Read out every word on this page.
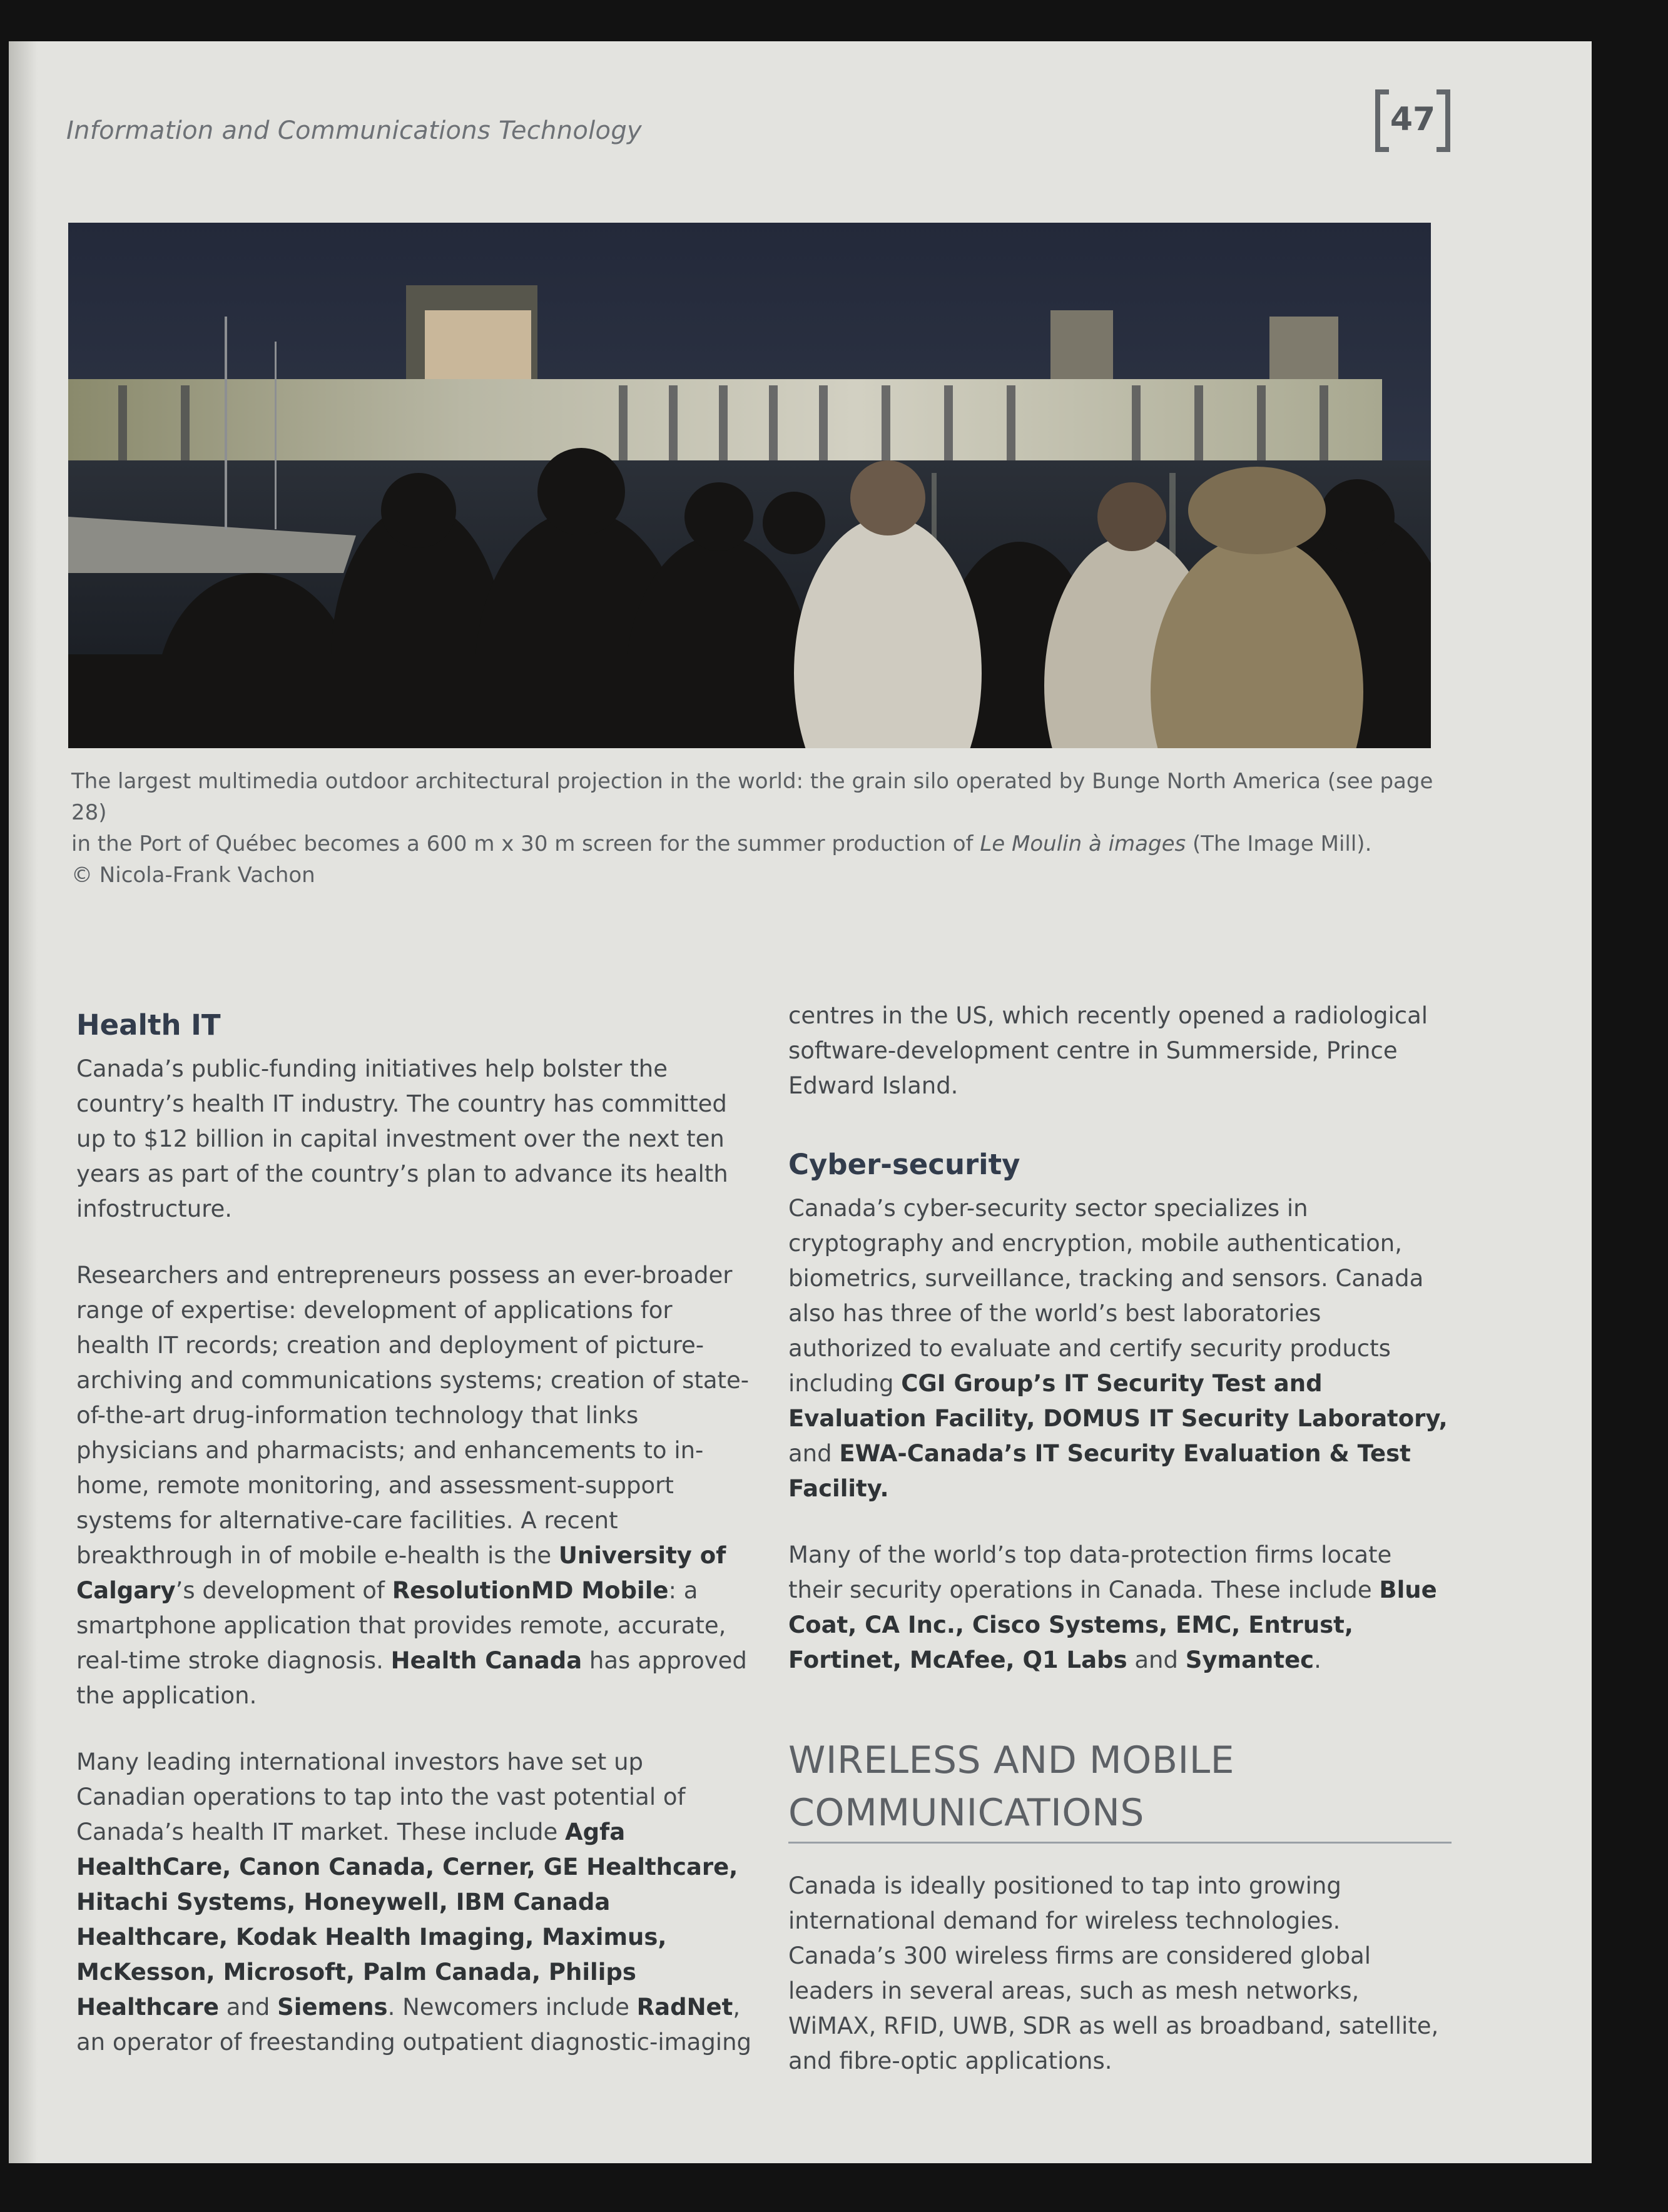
Information and Communications Technology	47
The largest multimedia outdoor architectural projection in the world: the grain silo operated by Bunge North America (see page 28)
in the Port of Québec becomes a 600 m x 30 m screen for the summer production of Le Moulin à images (The Image Mill).
© Nicola-Frank Vachon
Health IT

Canada’s public-funding initiatives help bolster the country’s health IT industry. The country has committed up to $12 billion in capital investment over the next ten years as part of the country’s plan to advance its health infostructure.

Researchers and entrepreneurs possess an ever-broader range of expertise: development of applications for health IT records; creation and deployment of picture-archiving and communications systems; creation of state-of-the-art drug-information technology that links physicians and pharmacists; and enhancements to in-home, remote monitoring, and assessment-support systems for alternative-care facilities. A recent breakthrough in of mobile e-health is the University of Calgary’s development of ResolutionMD Mobile: a smartphone application that provides remote, accurate, real-time stroke diagnosis. Health Canada has approved the application.

Many leading international investors have set up Canadian operations to tap into the vast potential of Canada’s health IT market. These include Agfa HealthCare, Canon Canada, Cerner, GE Healthcare, Hitachi Systems, Honeywell, IBM Canada Healthcare, Kodak Health Imaging, Maximus, McKesson, Microsoft, Palm Canada, Philips Healthcare and Siemens. Newcomers include RadNet, an operator of freestanding outpatient diagnostic-imaging

centres in the US, which recently opened a radiological software-development centre in Summerside, Prince Edward Island.

Cyber-security

Canada’s cyber-security sector specializes in cryptography and encryption, mobile authentication, biometrics, surveillance, tracking and sensors. Canada also has three of the world’s best laboratories authorized to evaluate and certify security products including CGI Group’s IT Security Test and Evaluation Facility, DOMUS IT Security Laboratory, and EWA-Canada’s IT Security Evaluation & Test Facility.

Many of the world’s top data-protection firms locate their security operations in Canada. These include Blue Coat, CA Inc., Cisco Systems, EMC, Entrust, Fortinet, McAfee, Q1 Labs and Symantec.

WIRELESS AND MOBILE
COMMUNICATIONS

Canada is ideally positioned to tap into growing international demand for wireless technologies. Canada’s 300 wireless firms are considered global leaders in several areas, such as mesh networks, WiMAX, RFID, UWB, SDR as well as broadband, satellite, and fibre-optic applications.
